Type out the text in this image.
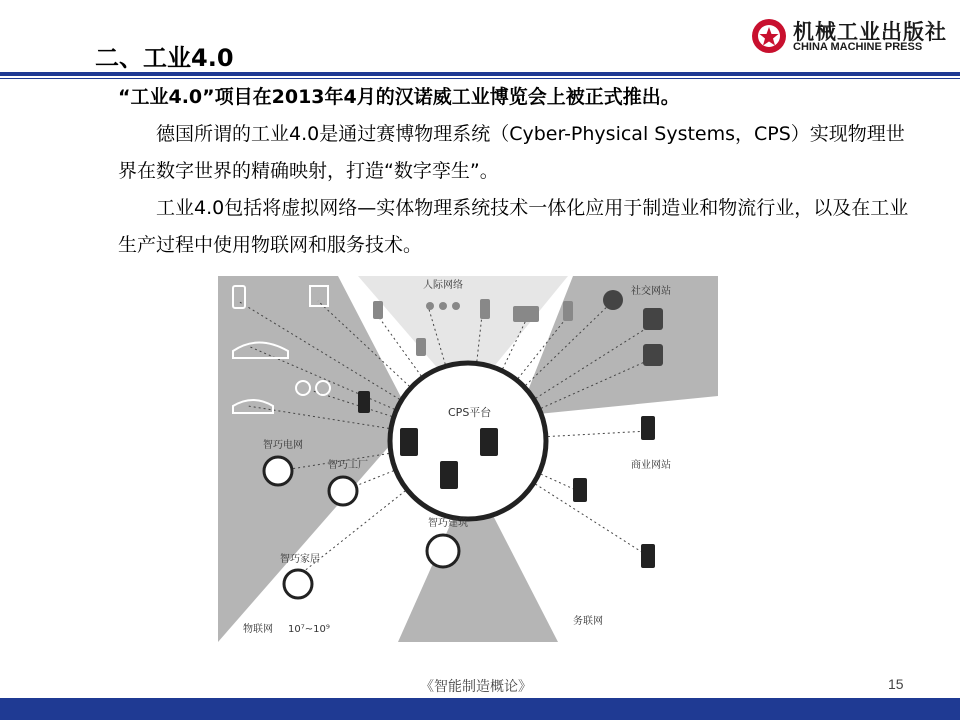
二、工业4.0
机械工业出版社
CHINA MACHINE PRESS
“工业4.0”项目在2013年4月的汉诺威工业博览会上被正式推出。
德国所谓的工业4.0是通过赛博物理系统（Cyber-Physical Systems，CPS）实现物理世界在数字世界的精确映射，打造“数字孪生”。
工业4.0包括将虚拟网络—实体物理系统技术一体化应用于制造业和物流行业，以及在工业生产过程中使用物联网和服务技术。
CPS平台
人际网络
社交网站
智巧电网
智巧工厂
智巧建筑
智巧家居
商业网站
物联网 10⁷~10⁹
务联网
《智能制造概论》	15
